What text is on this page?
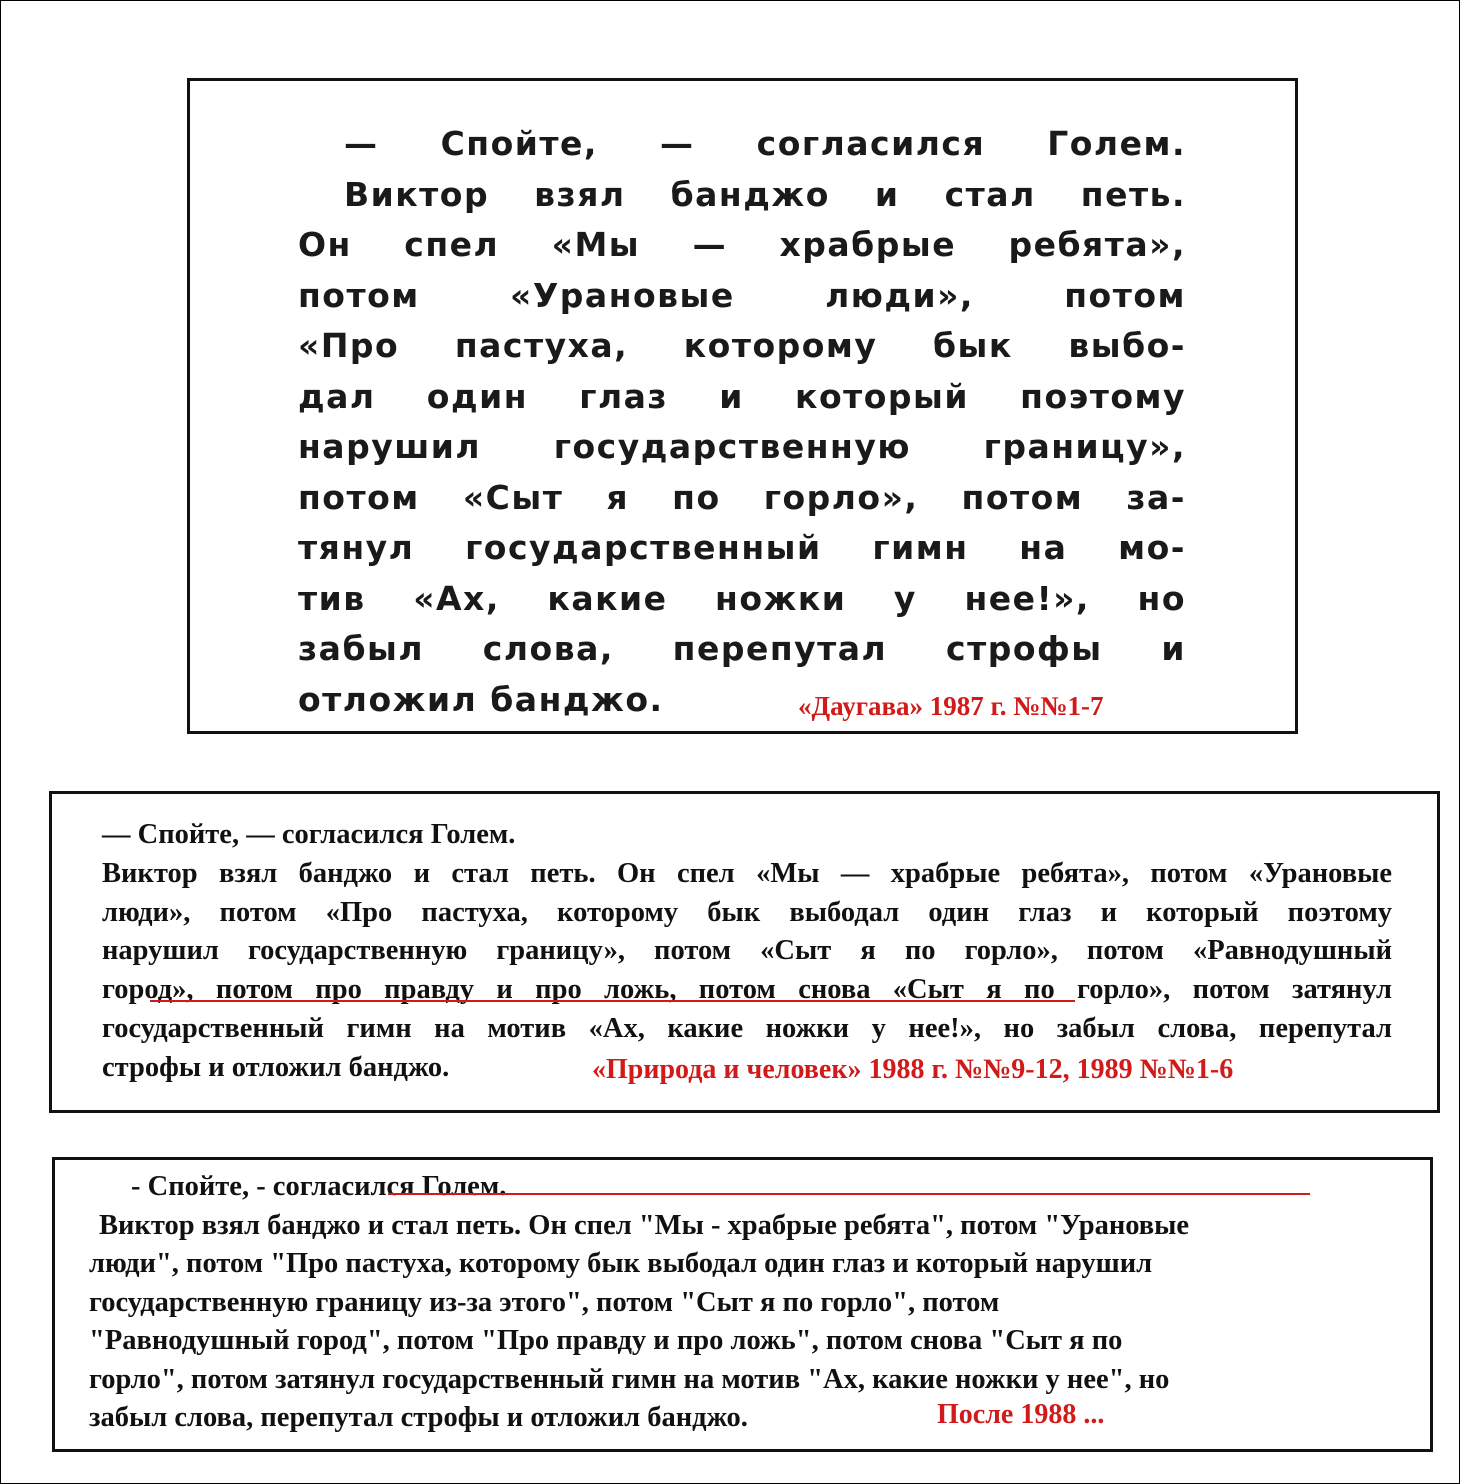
— Спойте, — согласился Голем.
Виктор взял банджо и стал петь.
Он спел «Мы — храбрые ребята»,
потом «Урановые люди», потом
«Про пастуха, которому бык выбо-
дал один глаз и который поэтому
нарушил государственную границу»,
потом «Сыт я по горло», потом за-
тянул государственный гимн на мо-
тив «Ах, какие ножки у нее!», но
забыл слова, перепутал строфы и
отложил банджо.	«Даугава» 1987 г. №№1-7
— Спойте, — согласился Голем.
Виктор взял банджо и стал петь. Он спел «Мы — храбрые ребята», потом «Урановые
люди», потом «Про пастуха, которому бык выбодал один глаз и который поэтому
нарушил государственную границу», потом «Сыт я по горло», потом «Равнодушный
город», потом про правду и про ложь, потом снова «Сыт я по горло», потом затянул
государственный гимн на мотив «Ах, какие ножки у нее!», но забыл слова, перепутал
строфы и отложил банджо.	«Природа и человек» 1988 г. №№9-12, 1989 №№1-6
- Спойте, - согласился Голем.
Виктор взял банджо и стал петь. Он спел "Мы - храбрые ребята", потом "Урановые
люди", потом "Про пастуха, которому бык выбодал один глаз и который нарушил
государственную границу из-за этого", потом "Сыт я по горло", потом
"Равнодушный город", потом "Про правду и про ложь", потом снова "Сыт я по
горло", потом затянул государственный гимн на мотив "Ах, какие ножки у нее", но
забыл слова, перепутал строфы и отложил банджо.	После 1988 ...
